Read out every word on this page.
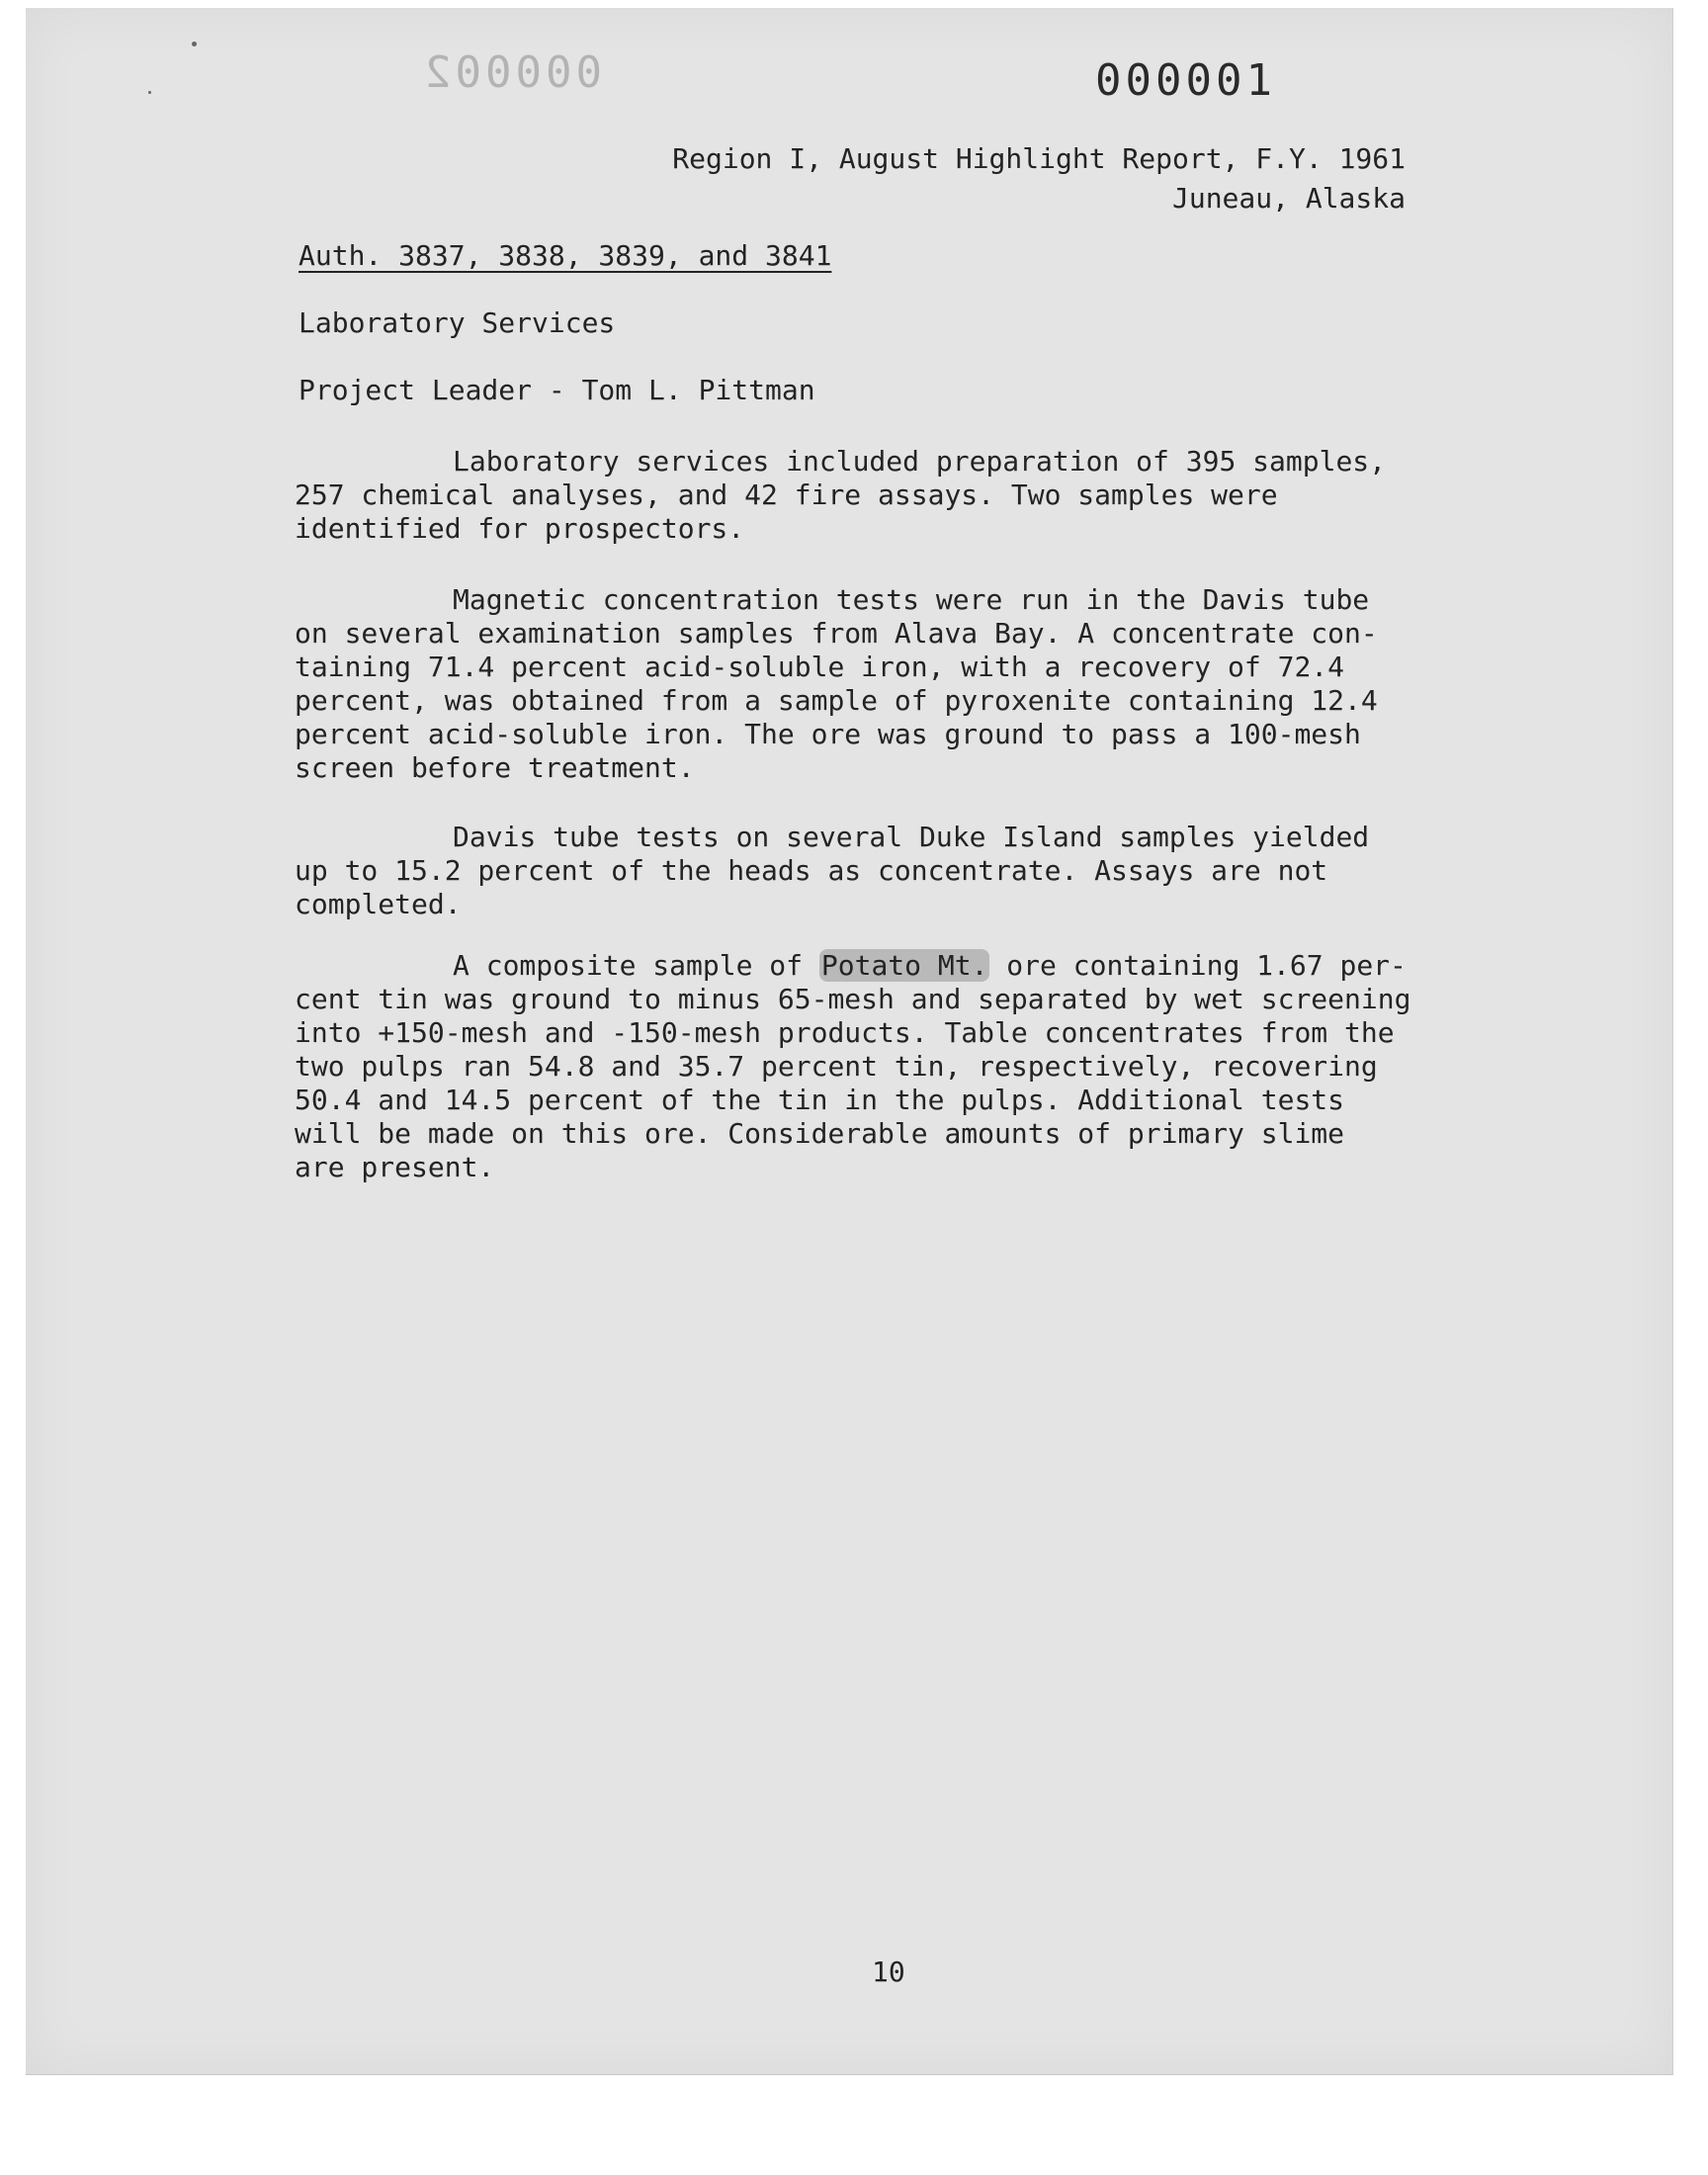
000002	000001
Region I, August Highlight Report, F.Y. 1961
Juneau, Alaska
Auth. 3837, 3838, 3839, and 3841
Laboratory Services
Project Leader - Tom L. Pittman
Laboratory services included preparation of 395 samples,
257 chemical analyses, and 42 fire assays. Two samples were
identified for prospectors.
Magnetic concentration tests were run in the Davis tube
on several examination samples from Alava Bay. A concentrate con-
taining 71.4 percent acid-soluble iron, with a recovery of 72.4
percent, was obtained from a sample of pyroxenite containing 12.4
percent acid-soluble iron. The ore was ground to pass a 100-mesh
screen before treatment.
Davis tube tests on several Duke Island samples yielded
up to 15.2 percent of the heads as concentrate. Assays are not
completed.
A composite sample of Potato Mt. ore containing 1.67 per-
cent tin was ground to minus 65-mesh and separated by wet screening
into +150-mesh and -150-mesh products. Table concentrates from the
two pulps ran 54.8 and 35.7 percent tin, respectively, recovering
50.4 and 14.5 percent of the tin in the pulps. Additional tests
will be made on this ore. Considerable amounts of primary slime
are present.
10
